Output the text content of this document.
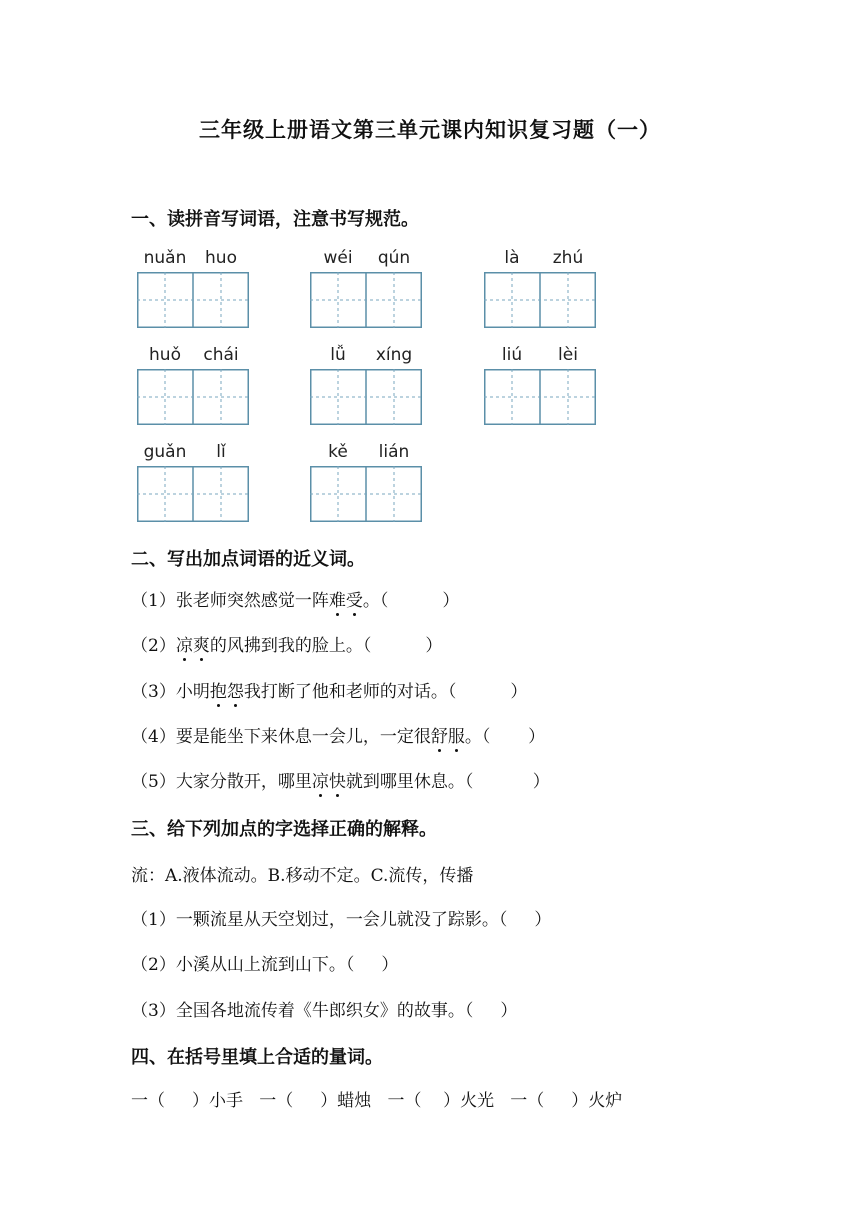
三年级上册语文第三单元课内知识复习题（一）
一、读拼音写词语，注意书写规范。
nuǎn	huo	wéi	qún	là	zhú
huǒ	chái	lǚ	xíng	liú	lèi
guǎn	lǐ	kě	lián
二、写出加点词语的近义词。
（1）张老师突然感觉一阵难受。（          ）
（2）凉爽的风拂到我的脸上。（          ）
（3）小明抱怨我打断了他和老师的对话。（          ）
（4）要是能坐下来休息一会儿，一定很舒服。（       ）
（5）大家分散开，哪里凉快就到哪里休息。（           ）
三、给下列加点的字选择正确的解释。
流：A.液体流动。B.移动不定。C.流传，传播
（1）一颗流星从天空划过，一会儿就没了踪影。（     ）
（2）小溪从山上流到山下。（     ）
（3）全国各地流传着《牛郎织女》的故事。（     ）
四、在括号里填上合适的量词。
一（     ）小手   一（     ）蜡烛   一（    ）火光   一（     ）火炉
